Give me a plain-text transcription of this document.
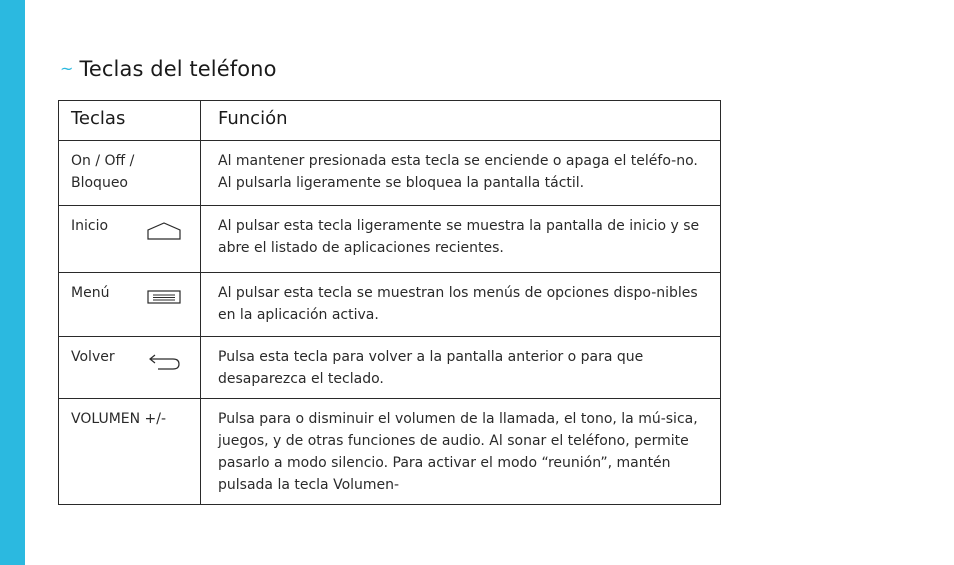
~ Teclas del teléfono
Teclas	Función
On / Off / Bloqueo	Al mantener presionada esta tecla se enciende o apaga el teléfo-no. Al pulsarla ligeramente se bloquea la pantalla táctil.
Inicio	Al pulsar esta tecla ligeramente se muestra la pantalla de inicio y se abre el listado de aplicaciones recientes.
Menú	Al pulsar esta tecla se muestran los menús de opciones dispo-nibles en la aplicación activa.
Volver	Pulsa esta tecla para volver a la pantalla anterior o para que desaparezca el teclado.
VOLUMEN +/-	Pulsa para o disminuir el volumen de la llamada, el tono, la mú-sica, juegos, y de otras funciones de audio. Al sonar el teléfono, permite pasarlo a modo silencio. Para activar el modo “reunión”, mantén pulsada la tecla Volumen-
